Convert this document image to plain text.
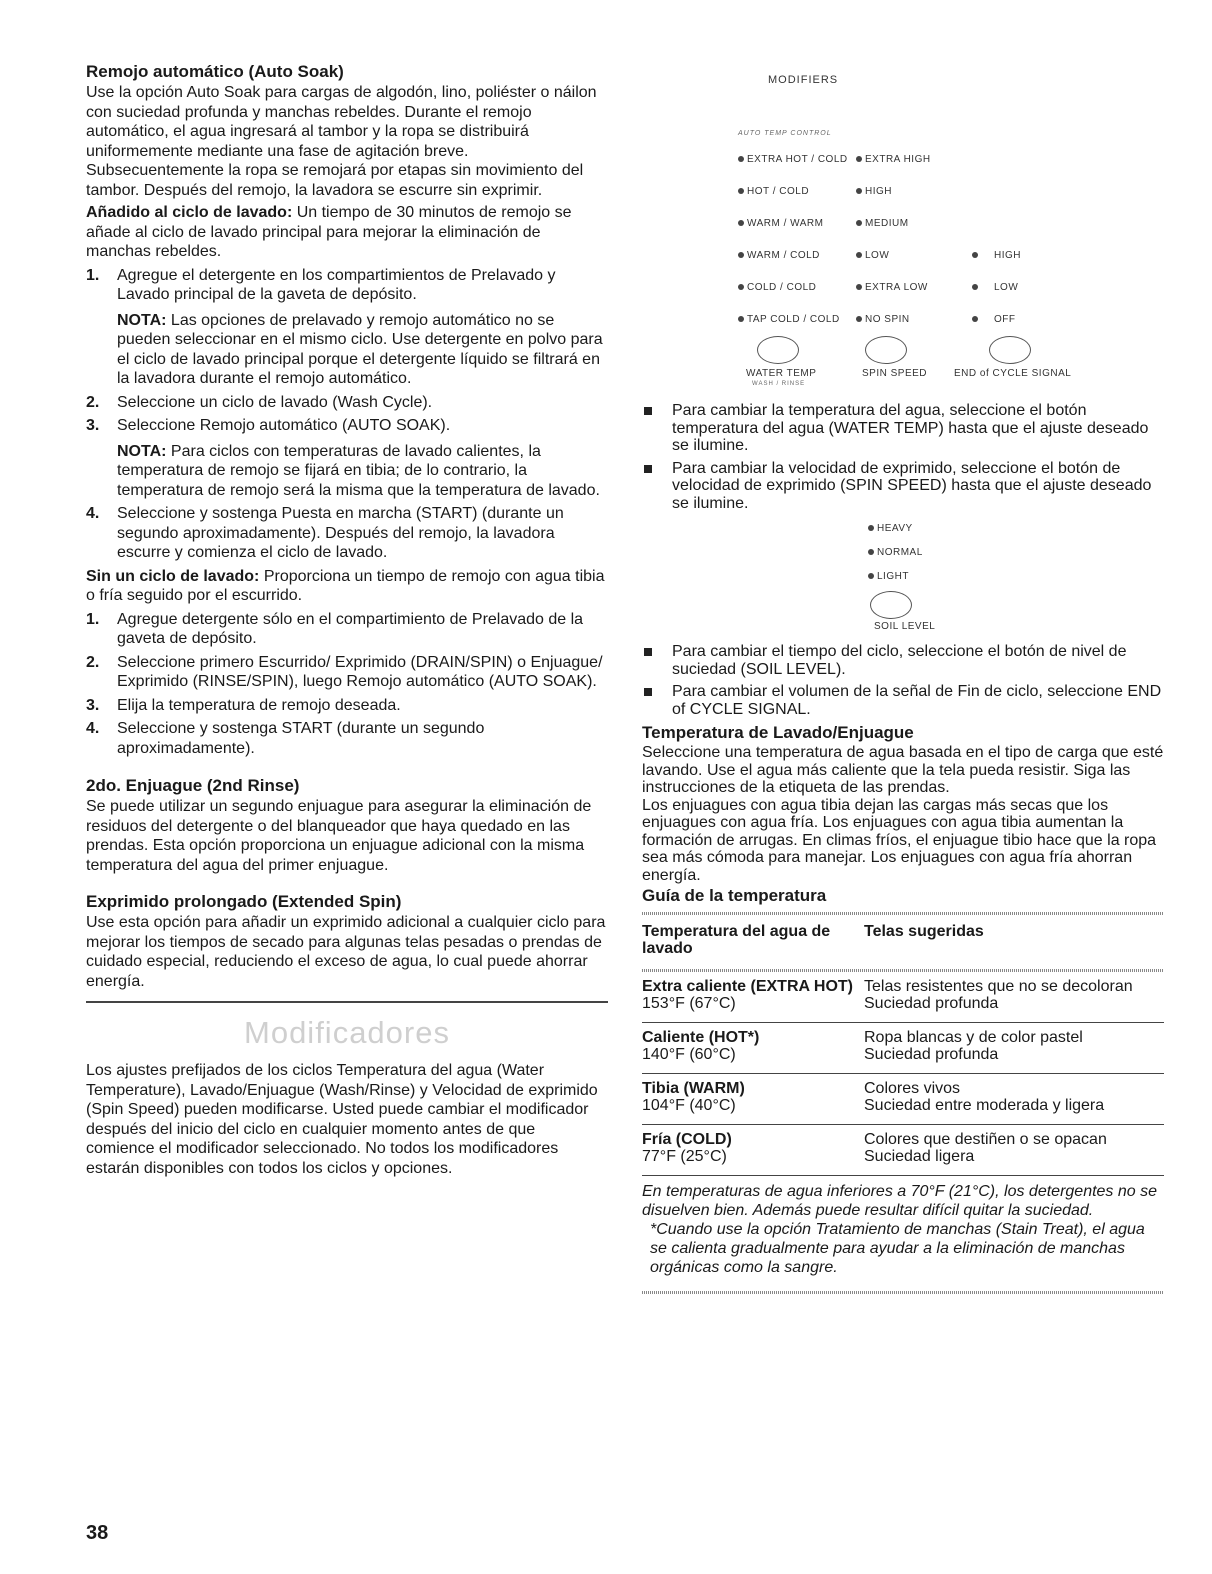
Remojo automático (Auto Soak)

Use la opción Auto Soak para cargas de algodón, lino, poliéster o náilon con suciedad profunda y manchas rebeldes. Durante el remojo automático, el agua ingresará al tambor y la ropa se distribuirá uniformemente mediante una fase de agitación breve. Subsecuentemente la ropa se remojará por etapas sin movimiento del tambor. Después del remojo, la lavadora se escurre sin exprimir.

Añadido al ciclo de lavado: Un tiempo de 30 minutos de remojo se añade al ciclo de lavado principal para mejorar la eliminación de manchas rebeldes.

1. Agregue el detergente en los compartimientos de Prelavado y Lavado principal de la gaveta de depósito.

NOTA: Las opciones de prelavado y remojo automático no se pueden seleccionar en el mismo ciclo. Use detergente en polvo para el ciclo de lavado principal porque el detergente líquido se filtrará en la lavadora durante el remojo automático.

2. Seleccione un ciclo de lavado (Wash Cycle).
3. Seleccione Remojo automático (AUTO SOAK).

NOTA: Para ciclos con temperaturas de lavado calientes, la temperatura de remojo se fijará en tibia; de lo contrario, la temperatura de remojo será la misma que la temperatura de lavado.

4. Seleccione y sostenga Puesta en marcha (START) (durante un segundo aproximadamente). Después del remojo, la lavadora escurre y comienza el ciclo de lavado.

Sin un ciclo de lavado: Proporciona un tiempo de remojo con agua tibia o fría seguido por el escurrido.

1. Agregue detergente sólo en el compartimiento de Prelavado de la gaveta de depósito.
2. Seleccione primero Escurrido/ Exprimido (DRAIN/SPIN) o Enjuague/ Exprimido (RINSE/SPIN), luego Remojo automático (AUTO SOAK).
3. Elija la temperatura de remojo deseada.
4. Seleccione y sostenga START (durante un segundo aproximadamente).
2do. Enjuague (2nd Rinse)

Se puede utilizar un segundo enjuague para asegurar la eliminación de residuos del detergente o del blanqueador que haya quedado en las prendas. Esta opción proporciona un enjuague adicional con la misma temperatura del agua del primer enjuague.

Exprimido prolongado (Extended Spin)

Use esta opción para añadir un exprimido adicional a cualquier ciclo para mejorar los tiempos de secado para algunas telas pesadas o prendas de cuidado especial, reduciendo el exceso de agua, lo cual puede ahorrar energía.

Modificadores

Los ajustes prefijados de los ciclos Temperatura del agua (Water Temperature), Lavado/Enjuague (Wash/Rinse) y Velocidad de exprimido (Spin Speed) pueden modificarse. Usted puede cambiar el modificador después del inicio del ciclo en cualquier momento antes de que comience el modificador seleccionado. No todos los modificadores estarán disponibles con todos los ciclos y opciones.

MODIFIERS
AUTO TEMP CONTROL
EXTRA HOT / COLD
HOT / COLD
WARM / WARM
WARM / COLD
COLD / COLD
TAP COLD / COLD
EXTRA HIGH
HIGH
MEDIUM
LOW
EXTRA LOW
NO SPIN
HIGH
LOW
OFF
WATER TEMP
WASH / RINSE
SPIN SPEED	END of CYCLE SIGNAL
Para cambiar la temperatura del agua, seleccione el botón temperatura del agua (WATER TEMP) hasta que el ajuste deseado se ilumine.
Para cambiar la velocidad de exprimido, seleccione el botón de velocidad de exprimido (SPIN SPEED) hasta que el ajuste deseado se ilumine.
HEAVY
NORMAL
LIGHT
SOIL LEVEL
Para cambiar el tiempo del ciclo, seleccione el botón de nivel de suciedad (SOIL LEVEL).
Para cambiar el volumen de la señal de Fin de ciclo, seleccione END of CYCLE SIGNAL.
Temperatura de Lavado/Enjuague

Seleccione una temperatura de agua basada en el tipo de carga que esté lavando. Use el agua más caliente que la tela pueda resistir. Siga las instrucciones de la etiqueta de las prendas.

Los enjuagues con agua tibia dejan las cargas más secas que los enjuagues con agua fría. Los enjuagues con agua tibia aumentan la formación de arrugas. En climas fríos, el enjuague tibio hace que la ropa sea más cómoda para manejar. Los enjuagues con agua fría ahorran energía.

Guía de la temperatura
Temperatura del agua de lavado
Telas sugeridas
Extra caliente (EXTRA HOT)
153°F (67°C)
Telas resistentes que no se decoloran
Suciedad profunda
Caliente (HOT*)
140°F (60°C)
Ropa blancas y de color pastel
Suciedad profunda
Tibia (WARM)
104°F (40°C)
Colores vivos
Suciedad entre moderada y ligera
Fría (COLD)
77°F (25°C)
Colores que destiñen o se opacan
Suciedad ligera

En temperaturas de agua inferiores a 70°F (21°C), los detergentes no se disuelven bien. Además puede resultar difícil quitar la suciedad.

*Cuando use la opción Tratamiento de manchas (Stain Treat), el agua se calienta gradualmente para ayudar a la eliminación de manchas orgánicas como la sangre.

38
